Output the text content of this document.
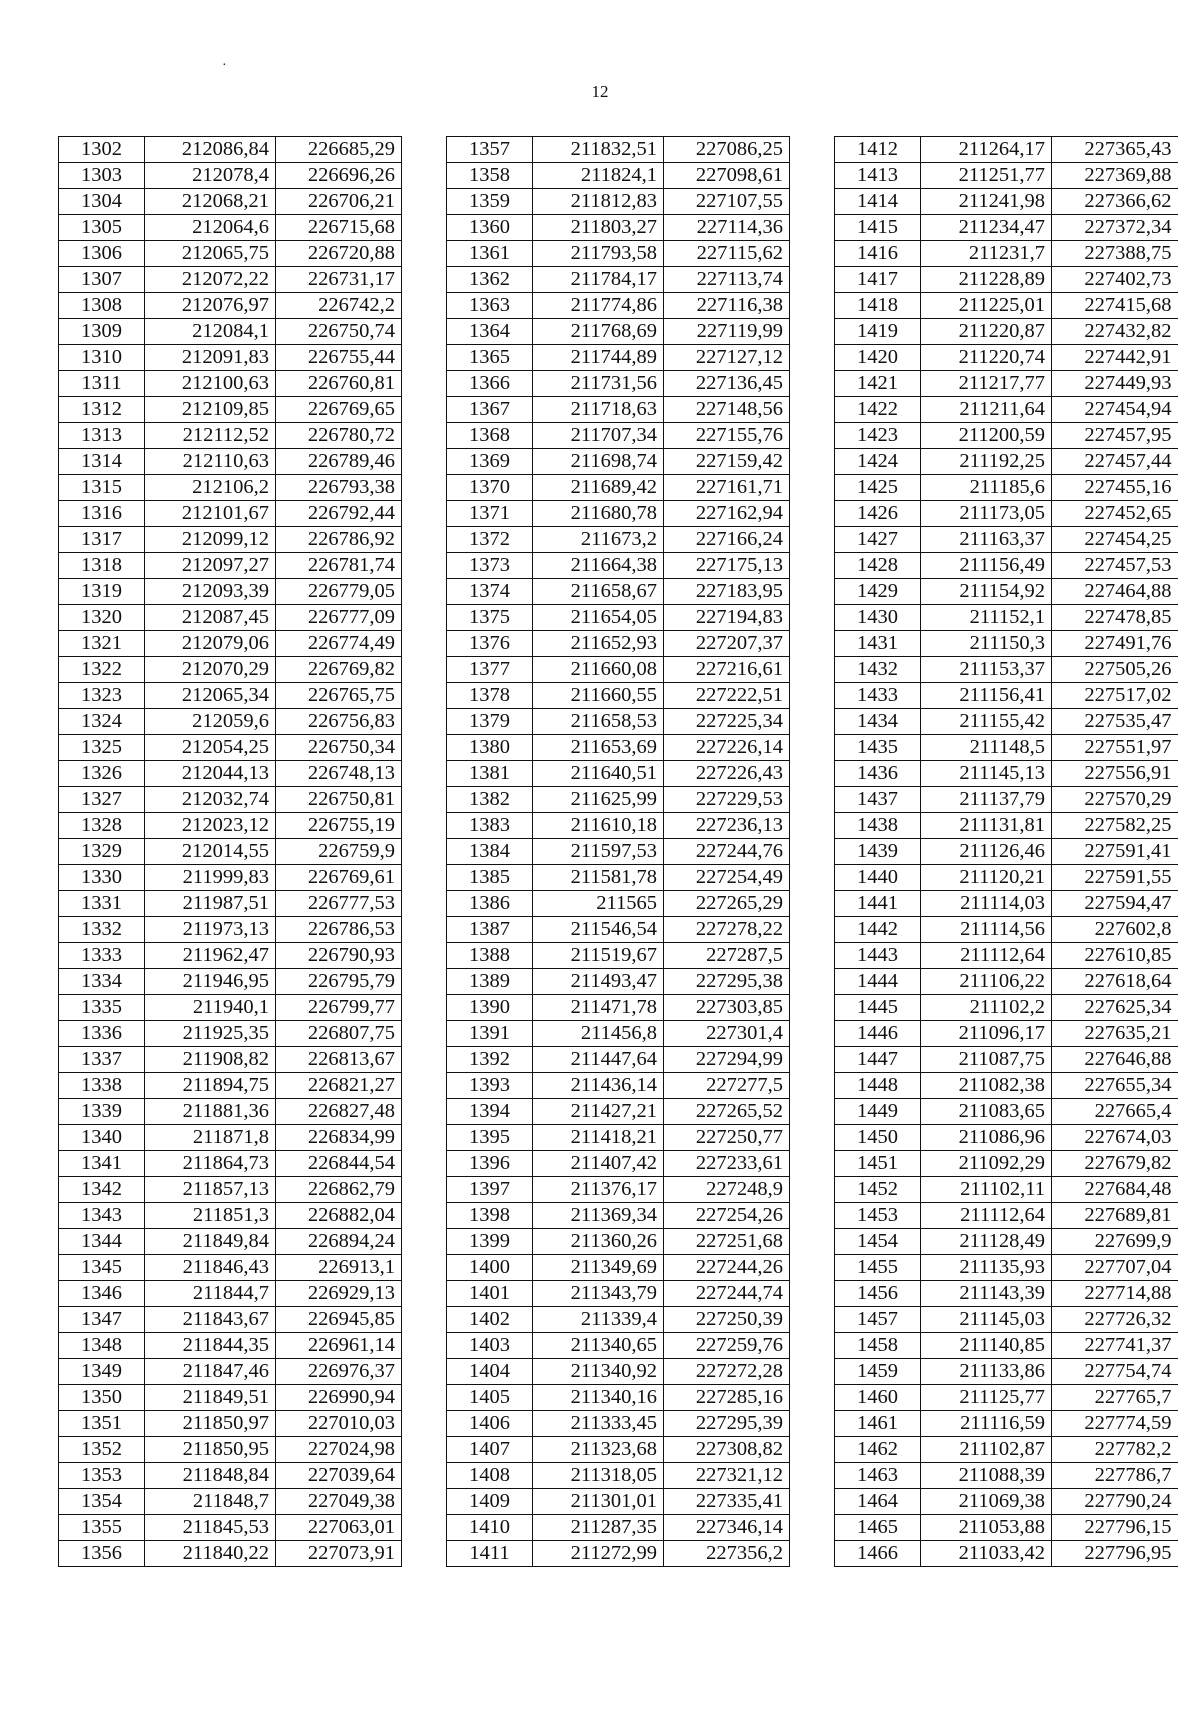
·
12
1302	212086,84	226685,29
1303	212078,4	226696,26
1304	212068,21	226706,21
1305	212064,6	226715,68
1306	212065,75	226720,88
1307	212072,22	226731,17
1308	212076,97	226742,2
1309	212084,1	226750,74
1310	212091,83	226755,44
1311	212100,63	226760,81
1312	212109,85	226769,65
1313	212112,52	226780,72
1314	212110,63	226789,46
1315	212106,2	226793,38
1316	212101,67	226792,44
1317	212099,12	226786,92
1318	212097,27	226781,74
1319	212093,39	226779,05
1320	212087,45	226777,09
1321	212079,06	226774,49
1322	212070,29	226769,82
1323	212065,34	226765,75
1324	212059,6	226756,83
1325	212054,25	226750,34
1326	212044,13	226748,13
1327	212032,74	226750,81
1328	212023,12	226755,19
1329	212014,55	226759,9
1330	211999,83	226769,61
1331	211987,51	226777,53
1332	211973,13	226786,53
1333	211962,47	226790,93
1334	211946,95	226795,79
1335	211940,1	226799,77
1336	211925,35	226807,75
1337	211908,82	226813,67
1338	211894,75	226821,27
1339	211881,36	226827,48
1340	211871,8	226834,99
1341	211864,73	226844,54
1342	211857,13	226862,79
1343	211851,3	226882,04
1344	211849,84	226894,24
1345	211846,43	226913,1
1346	211844,7	226929,13
1347	211843,67	226945,85
1348	211844,35	226961,14
1349	211847,46	226976,37
1350	211849,51	226990,94
1351	211850,97	227010,03
1352	211850,95	227024,98
1353	211848,84	227039,64
1354	211848,7	227049,38
1355	211845,53	227063,01
1356	211840,22	227073,91
1357	211832,51	227086,25
1358	211824,1	227098,61
1359	211812,83	227107,55
1360	211803,27	227114,36
1361	211793,58	227115,62
1362	211784,17	227113,74
1363	211774,86	227116,38
1364	211768,69	227119,99
1365	211744,89	227127,12
1366	211731,56	227136,45
1367	211718,63	227148,56
1368	211707,34	227155,76
1369	211698,74	227159,42
1370	211689,42	227161,71
1371	211680,78	227162,94
1372	211673,2	227166,24
1373	211664,38	227175,13
1374	211658,67	227183,95
1375	211654,05	227194,83
1376	211652,93	227207,37
1377	211660,08	227216,61
1378	211660,55	227222,51
1379	211658,53	227225,34
1380	211653,69	227226,14
1381	211640,51	227226,43
1382	211625,99	227229,53
1383	211610,18	227236,13
1384	211597,53	227244,76
1385	211581,78	227254,49
1386	211565	227265,29
1387	211546,54	227278,22
1388	211519,67	227287,5
1389	211493,47	227295,38
1390	211471,78	227303,85
1391	211456,8	227301,4
1392	211447,64	227294,99
1393	211436,14	227277,5
1394	211427,21	227265,52
1395	211418,21	227250,77
1396	211407,42	227233,61
1397	211376,17	227248,9
1398	211369,34	227254,26
1399	211360,26	227251,68
1400	211349,69	227244,26
1401	211343,79	227244,74
1402	211339,4	227250,39
1403	211340,65	227259,76
1404	211340,92	227272,28
1405	211340,16	227285,16
1406	211333,45	227295,39
1407	211323,68	227308,82
1408	211318,05	227321,12
1409	211301,01	227335,41
1410	211287,35	227346,14
1411	211272,99	227356,2
1412	211264,17	227365,43
1413	211251,77	227369,88
1414	211241,98	227366,62
1415	211234,47	227372,34
1416	211231,7	227388,75
1417	211228,89	227402,73
1418	211225,01	227415,68
1419	211220,87	227432,82
1420	211220,74	227442,91
1421	211217,77	227449,93
1422	211211,64	227454,94
1423	211200,59	227457,95
1424	211192,25	227457,44
1425	211185,6	227455,16
1426	211173,05	227452,65
1427	211163,37	227454,25
1428	211156,49	227457,53
1429	211154,92	227464,88
1430	211152,1	227478,85
1431	211150,3	227491,76
1432	211153,37	227505,26
1433	211156,41	227517,02
1434	211155,42	227535,47
1435	211148,5	227551,97
1436	211145,13	227556,91
1437	211137,79	227570,29
1438	211131,81	227582,25
1439	211126,46	227591,41
1440	211120,21	227591,55
1441	211114,03	227594,47
1442	211114,56	227602,8
1443	211112,64	227610,85
1444	211106,22	227618,64
1445	211102,2	227625,34
1446	211096,17	227635,21
1447	211087,75	227646,88
1448	211082,38	227655,34
1449	211083,65	227665,4
1450	211086,96	227674,03
1451	211092,29	227679,82
1452	211102,11	227684,48
1453	211112,64	227689,81
1454	211128,49	227699,9
1455	211135,93	227707,04
1456	211143,39	227714,88
1457	211145,03	227726,32
1458	211140,85	227741,37
1459	211133,86	227754,74
1460	211125,77	227765,7
1461	211116,59	227774,59
1462	211102,87	227782,2
1463	211088,39	227786,7
1464	211069,38	227790,24
1465	211053,88	227796,15
1466	211033,42	227796,95
